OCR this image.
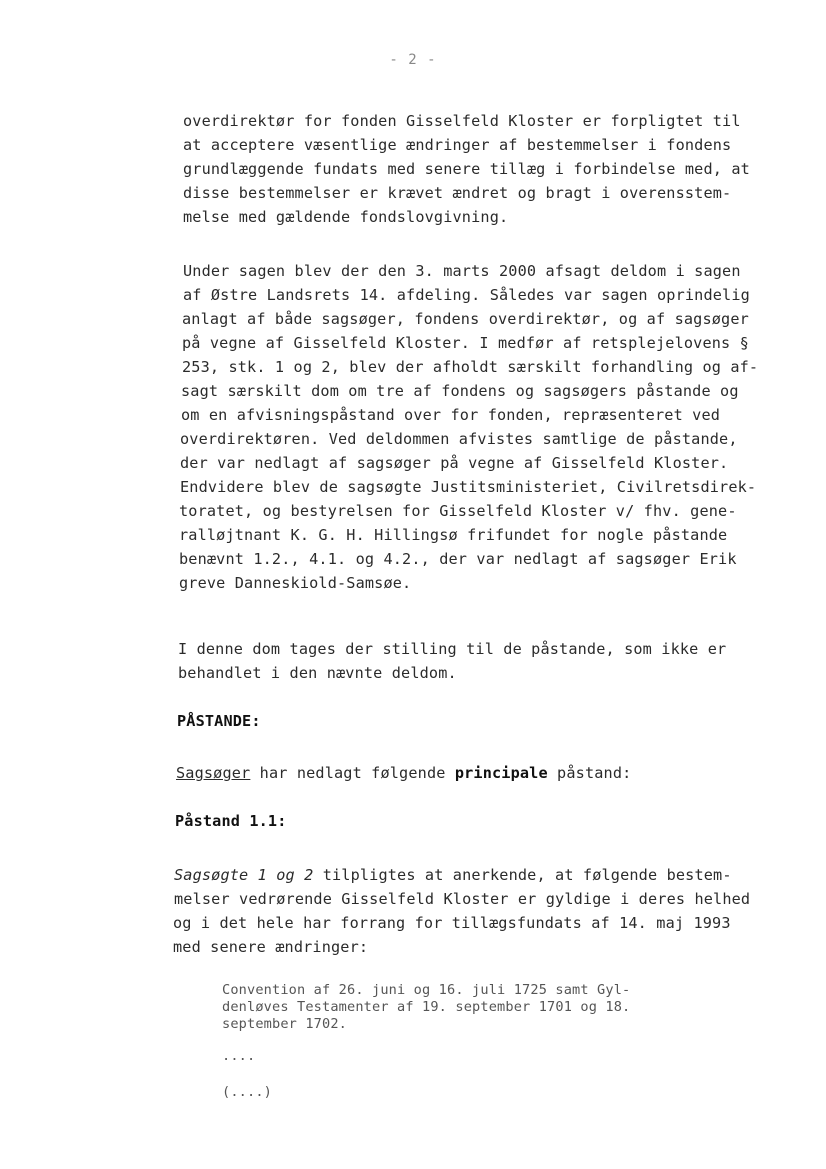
- 2 -
overdirektør for fonden Gisselfeld Kloster er forpligtet til
at acceptere væsentlige ændringer af bestemmelser i fondens
grundlæggende fundats med senere tillæg i forbindelse med, at
disse bestemmelser er krævet ændret og bragt i overensstem-
melse med gældende fondslovgivning.
Under sagen blev der den 3. marts 2000 afsagt deldom i sagen
af Østre Landsrets 14. afdeling. Således var sagen oprindelig
anlagt af både sagsøger, fondens overdirektør, og af sagsøger
på vegne af Gisselfeld Kloster. I medfør af retsplejelovens §
253, stk. 1 og 2, blev der afholdt særskilt forhandling og af-
sagt særskilt dom om tre af fondens og sagsøgers påstande og
om en afvisningspåstand over for fonden, repræsenteret ved
overdirektøren. Ved deldommen afvistes samtlige de påstande,
der var nedlagt af sagsøger på vegne af Gisselfeld Kloster.
Endvidere blev de sagsøgte Justitsministeriet, Civilretsdirek-
toratet, og bestyrelsen for Gisselfeld Kloster v/ fhv. gene-
ralløjtnant K. G. H. Hillingsø frifundet for nogle påstande
benævnt 1.2., 4.1. og 4.2., der var nedlagt af sagsøger Erik
greve Danneskiold-Samsøe.
I denne dom tages der stilling til de påstande, som ikke er
behandlet i den nævnte deldom.
PÅSTANDE:
Sagsøger har nedlagt følgende principale påstand:
Påstand 1.1:
Sagsøgte 1 og 2 tilpligtes at anerkende, at følgende bestem-
melser vedrørende Gisselfeld Kloster er gyldige i deres helhed
og i det hele har forrang for tillægsfundats af 14. maj 1993
med senere ændringer:
Convention af 26. juni og 16. juli 1725 samt Gyl-
denløves Testamenter af 19. september 1701 og 18.
september 1702.
....
(....)
